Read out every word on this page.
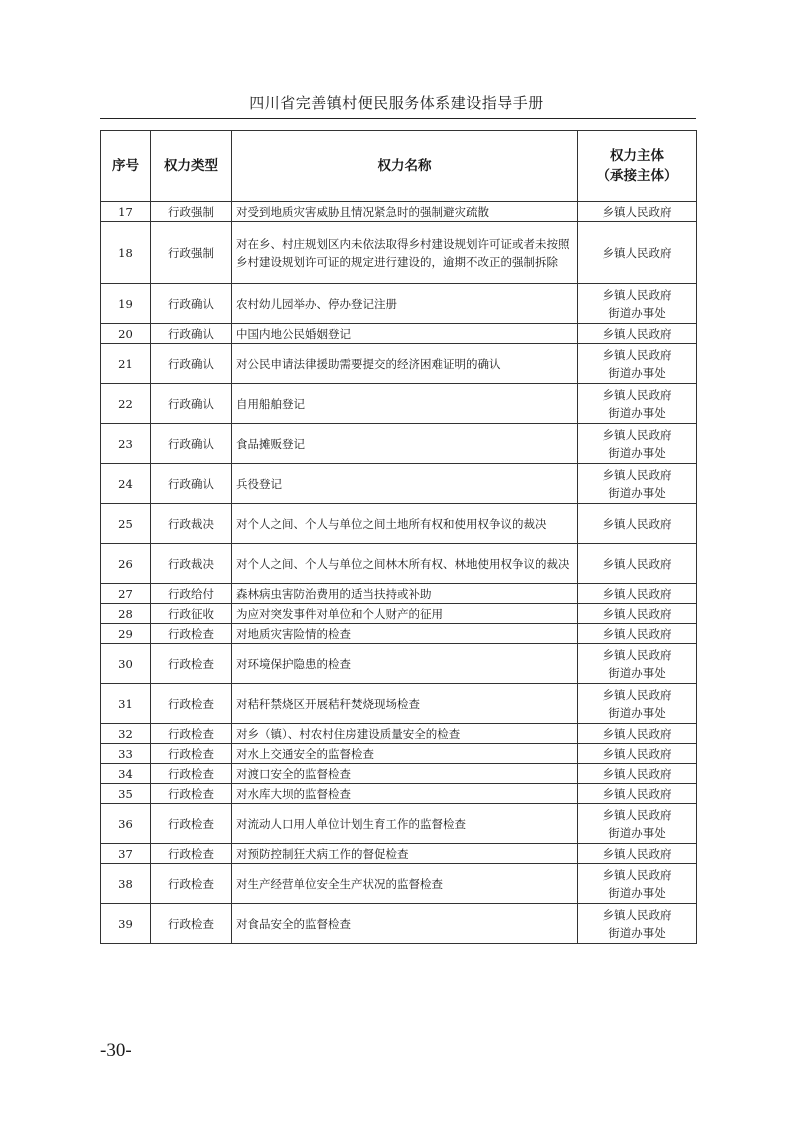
四川省完善镇村便民服务体系建设指导手册
序号	权力类型	权力名称	权力主体
（承接主体）

17	行政强制	对受到地质灾害威胁且情况紧急时的强制避灾疏散	乡镇人民政府

18	行政强制	对在乡、村庄规划区内未依法取得乡村建设规划许可证或者未按照乡村建设规划许可证的规定进行建设的，逾期不改正的强制拆除	乡镇人民政府

19	行政确认	农村幼儿园举办、停办登记注册	乡镇人民政府
街道办事处

20	行政确认	中国内地公民婚姻登记	乡镇人民政府

21	行政确认	对公民申请法律援助需要提交的经济困难证明的确认	乡镇人民政府
街道办事处

22	行政确认	自用船舶登记	乡镇人民政府
街道办事处

23	行政确认	食品摊贩登记	乡镇人民政府
街道办事处

24	行政确认	兵役登记	乡镇人民政府
街道办事处

25	行政裁决	对个人之间、个人与单位之间土地所有权和使用权争议的裁决	乡镇人民政府

26	行政裁决	对个人之间、个人与单位之间林木所有权、林地使用权争议的裁决	乡镇人民政府

27	行政给付	森林病虫害防治费用的适当扶持或补助	乡镇人民政府

28	行政征收	为应对突发事件对单位和个人财产的征用	乡镇人民政府

29	行政检查	对地质灾害险情的检查	乡镇人民政府

30	行政检查	对环境保护隐患的检查	乡镇人民政府
街道办事处

31	行政检查	对秸秆禁烧区开展秸秆焚烧现场检查	乡镇人民政府
街道办事处

32	行政检查	对乡（镇）、村农村住房建设质量安全的检查	乡镇人民政府

33	行政检查	对水上交通安全的监督检查	乡镇人民政府

34	行政检查	对渡口安全的监督检查	乡镇人民政府

35	行政检查	对水库大坝的监督检查	乡镇人民政府

36	行政检查	对流动人口用人单位计划生育工作的监督检查	乡镇人民政府
街道办事处

37	行政检查	对预防控制狂犬病工作的督促检查	乡镇人民政府

38	行政检查	对生产经营单位安全生产状况的监督检查	乡镇人民政府
街道办事处

39	行政检查	对食品安全的监督检查	乡镇人民政府
街道办事处
-30-
